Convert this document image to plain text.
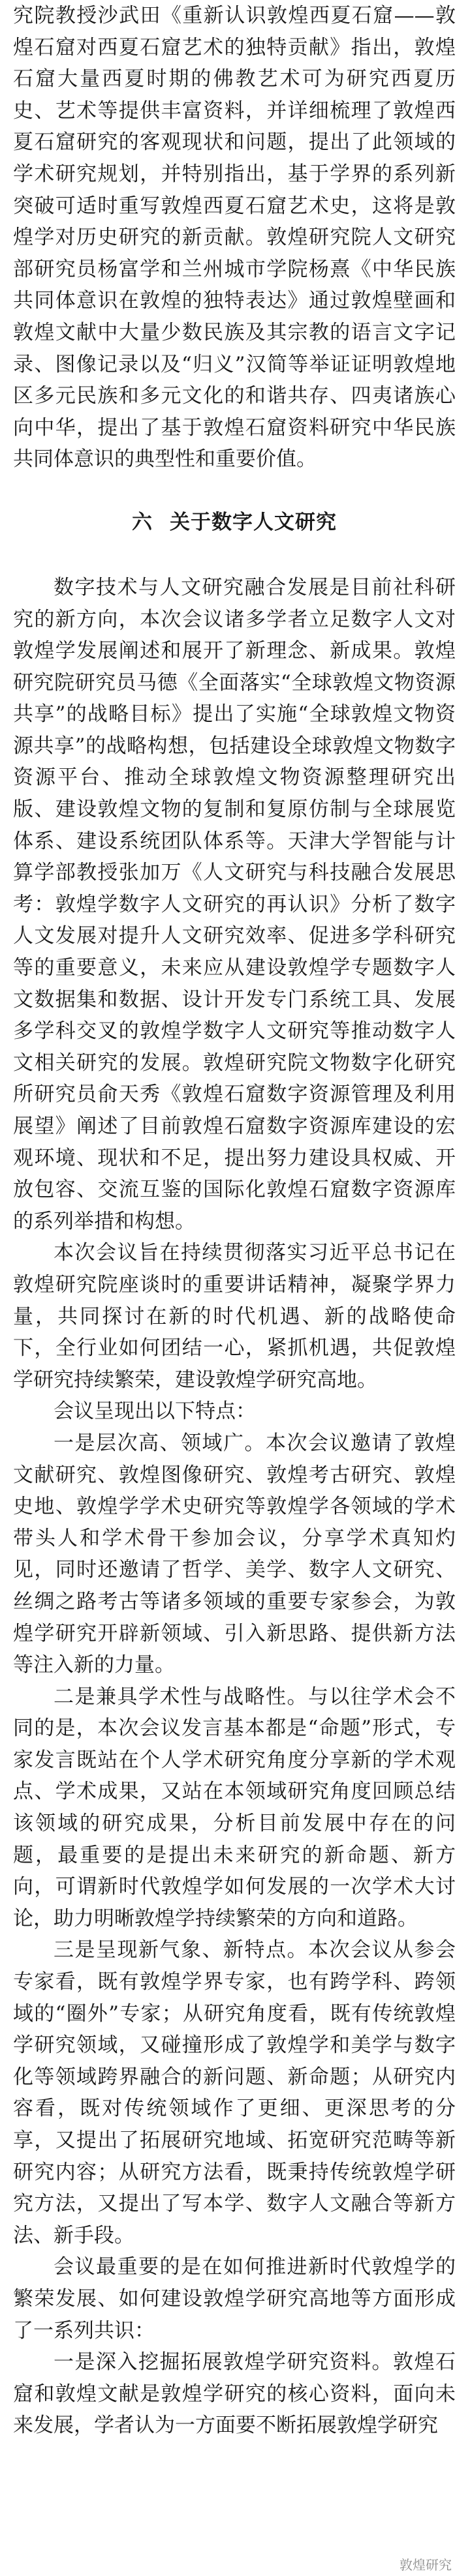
究院教授沙武田《重新认识敦煌西夏石窟——敦煌石窟对西夏石窟艺术的独特贡献》指出，敦煌石窟大量西夏时期的佛教艺术可为研究西夏历史、艺术等提供丰富资料，并详细梳理了敦煌西夏石窟研究的客观现状和问题，提出了此领域的学术研究规划，并特别指出，基于学界的系列新突破可适时重写敦煌西夏石窟艺术史，这将是敦煌学对历史研究的新贡献。敦煌研究院人文研究部研究员杨富学和兰州城市学院杨熹《中华民族共同体意识在敦煌的独特表达》通过敦煌壁画和敦煌文献中大量少数民族及其宗教的语言文字记录、图像记录以及“归义”汉简等举证证明敦煌地区多元民族和多元文化的和谐共存、四夷诸族心向中华，提出了基于敦煌石窟资料研究中华民族共同体意识的典型性和重要价值。

六 关于数字人文研究

数字技术与人文研究融合发展是目前社科研究的新方向，本次会议诸多学者立足数字人文对敦煌学发展阐述和展开了新理念、新成果。敦煌研究院研究员马德《全面落实“全球敦煌文物资源共享”的战略目标》提出了实施“全球敦煌文物资源共享”的战略构想，包括建设全球敦煌文物数字资源平台、推动全球敦煌文物资源整理研究出版、建设敦煌文物的复制和复原仿制与全球展览体系、建设系统团队体系等。天津大学智能与计算学部教授张加万《人文研究与科技融合发展思考：敦煌学数字人文研究的再认识》分析了数字人文发展对提升人文研究效率、促进多学科研究等的重要意义，未来应从建设敦煌学专题数字人文数据集和数据、设计开发专门系统工具、发展多学科交叉的敦煌学数字人文研究等推动数字人文相关研究的发展。敦煌研究院文物数字化研究所研究员俞天秀《敦煌石窟数字资源管理及利用展望》阐述了目前敦煌石窟数字资源库建设的宏观环境、现状和不足，提出努力建设具权威、开放包容、交流互鉴的国际化敦煌石窟数字资源库的系列举措和构想。

本次会议旨在持续贯彻落实习近平总书记在敦煌研究院座谈时的重要讲话精神，凝聚学界力量，共同探讨在新的时代机遇、新的战略使命下，全行业如何团结一心，紧抓机遇，共促敦煌学研究持续繁荣，建设敦煌学研究高地。

会议呈现出以下特点：

一是层次高、领域广。本次会议邀请了敦煌文献研究、敦煌图像研究、敦煌考古研究、敦煌史地、敦煌学学术史研究等敦煌学各领域的学术带头人和学术骨干参加会议，分享学术真知灼见，同时还邀请了哲学、美学、数字人文研究、丝绸之路考古等诸多领域的重要专家参会，为敦煌学研究开辟新领域、引入新思路、提供新方法等注入新的力量。

二是兼具学术性与战略性。与以往学术会不同的是，本次会议发言基本都是“命题”形式，专家发言既站在个人学术研究角度分享新的学术观点、学术成果，又站在本领域研究角度回顾总结该领域的研究成果，分析目前发展中存在的问题，最重要的是提出未来研究的新命题、新方向，可谓新时代敦煌学如何发展的一次学术大讨论，助力明晰敦煌学持续繁荣的方向和道路。

三是呈现新气象、新特点。本次会议从参会专家看，既有敦煌学界专家，也有跨学科、跨领域的“圈外”专家；从研究角度看，既有传统敦煌学研究领域，又碰撞形成了敦煌学和美学与数字化等领域跨界融合的新问题、新命题；从研究内容看，既对传统领域作了更细、更深思考的分享，又提出了拓展研究地域、拓宽研究范畴等新研究内容；从研究方法看，既秉持传统敦煌学研究方法，又提出了写本学、数字人文融合等新方法、新手段。

会议最重要的是在如何推进新时代敦煌学的繁荣发展、如何建设敦煌学研究高地等方面形成了一系列共识：

一是深入挖掘拓展敦煌学研究资料。敦煌石窟和敦煌文献是敦煌学研究的核心资料，面向未来发展，学者认为一方面要不断拓展敦煌学研究

敦煌研究
